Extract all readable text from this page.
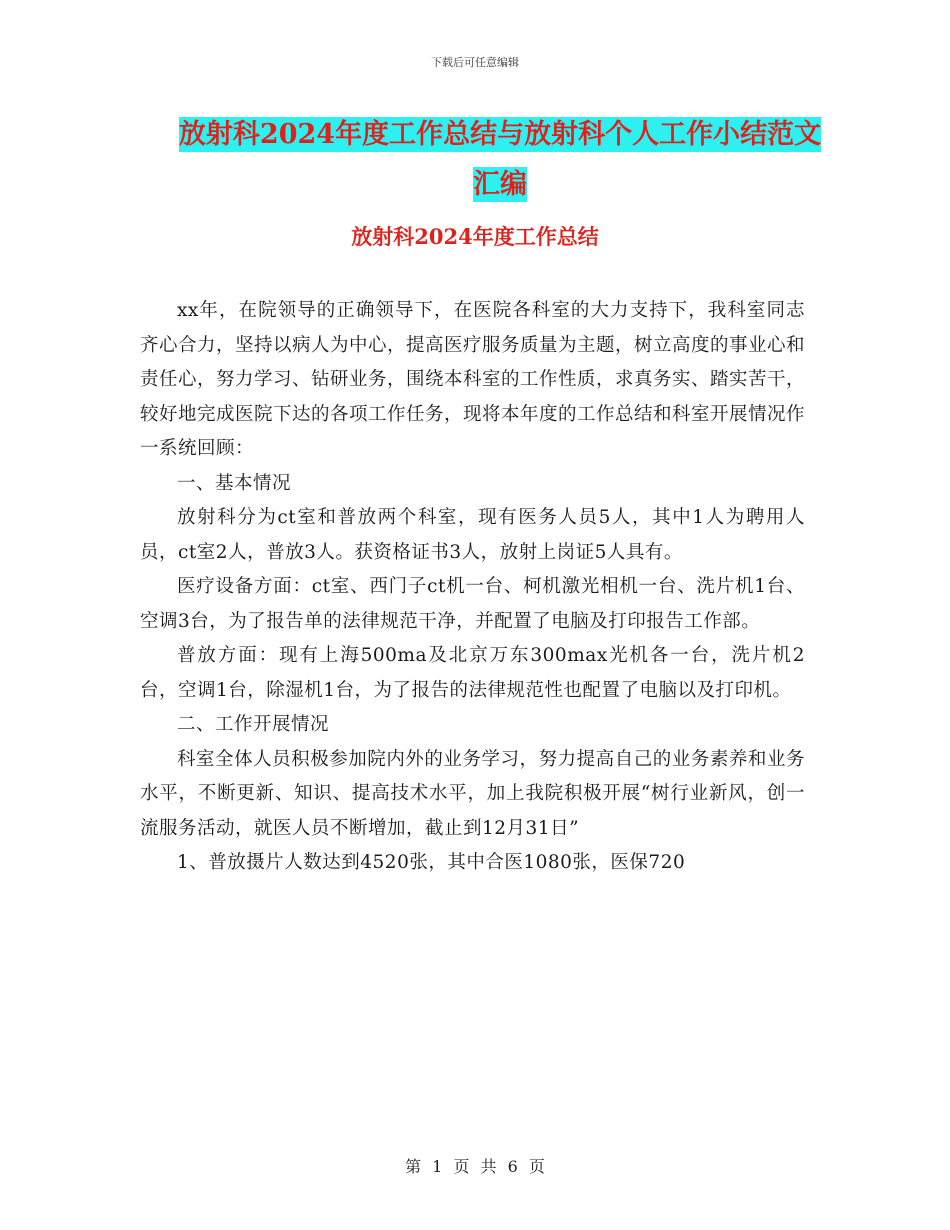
下载后可任意编辑
放射科2024年度工作总结与放射科个人工作小结范文
汇编
放射科2024年度工作总结

xx年，在院领导的正确领导下，在医院各科室的大力支持下，我科室同志齐心合力，坚持以病人为中心，提高医疗服务质量为主题，树立高度的事业心和责任心，努力学习、钻研业务，围绕本科室的工作性质，求真务实、踏实苦干，较好地完成医院下达的各项工作任务，现将本年度的工作总结和科室开展情况作一系统回顾：

一、基本情况

放射科分为ct室和普放两个科室，现有医务人员5人，其中1人为聘用人员，ct室2人，普放3人。获资格证书3人，放射上岗证5人具有。

医疗设备方面：ct室、西门子ct机一台、柯机激光相机一台、洗片机1台、空调3台，为了报告单的法律规范干净，并配置了电脑及打印报告工作部。

普放方面：现有上海500ma及北京万东300max光机各一台，洗片机2台，空调1台，除湿机1台，为了报告的法律规范性也配置了电脑以及打印机。

二、工作开展情况

科室全体人员积极参加院内外的业务学习，努力提高自己的业务素养和业务水平，不断更新、知识、提高技术水平，加上我院积极开展“树行业新风，创一流服务活动，就医人员不断增加，截止到12月31日”

1、普放摄片人数达到4520张，其中合医1080张，医保720

第 1 页 共 6 页
